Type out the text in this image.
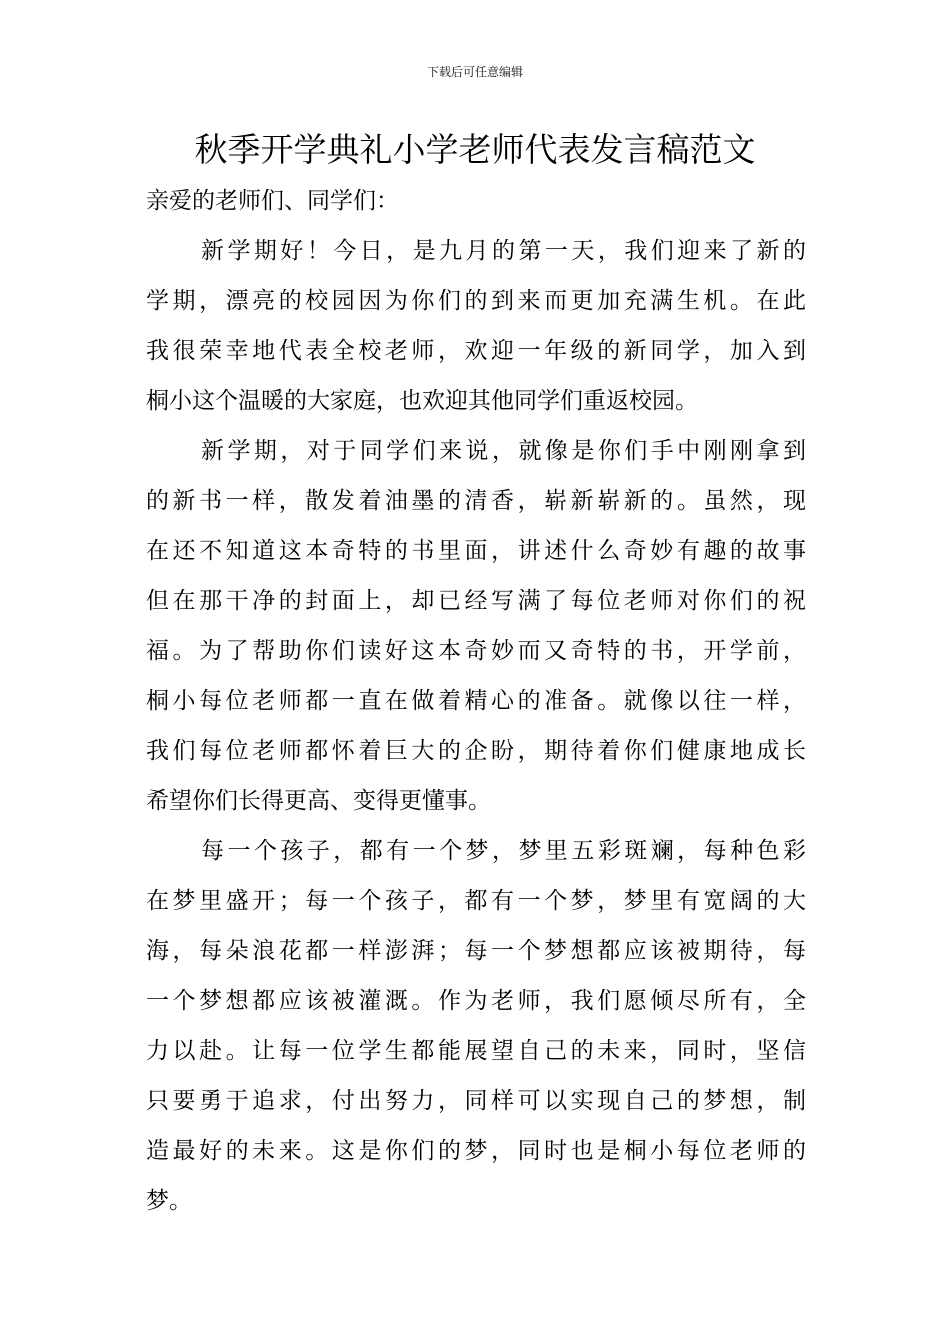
下载后可任意编辑
秋季开学典礼小学老师代表发言稿范文

亲爱的老师们、同学们：

新学期好！今日，是九月的第一天，我们迎来了新的
学期，漂亮的校园因为你们的到来而更加充满生机。在此
我很荣幸地代表全校老师，欢迎一年级的新同学，加入到
桐小这个温暖的大家庭，也欢迎其他同学们重返校园。

新学期，对于同学们来说，就像是你们手中刚刚拿到
的新书一样，散发着油墨的清香，崭新崭新的。虽然，现
在还不知道这本奇特的书里面，讲述什么奇妙有趣的故事
但在那干净的封面上，却已经写满了每位老师对你们的祝
福。为了帮助你们读好这本奇妙而又奇特的书，开学前，
桐小每位老师都一直在做着精心的准备。就像以往一样，
我们每位老师都怀着巨大的企盼，期待着你们健康地成长
希望你们长得更高、变得更懂事。

每一个孩子，都有一个梦，梦里五彩斑斓，每种色彩
在梦里盛开；每一个孩子，都有一个梦，梦里有宽阔的大
海，每朵浪花都一样澎湃；每一个梦想都应该被期待，每
一个梦想都应该被灌溉。作为老师，我们愿倾尽所有，全
力以赴。让每一位学生都能展望自己的未来，同时，坚信
只要勇于追求，付出努力，同样可以实现自己的梦想，制
造最好的未来。这是你们的梦，同时也是桐小每位老师的
梦。
